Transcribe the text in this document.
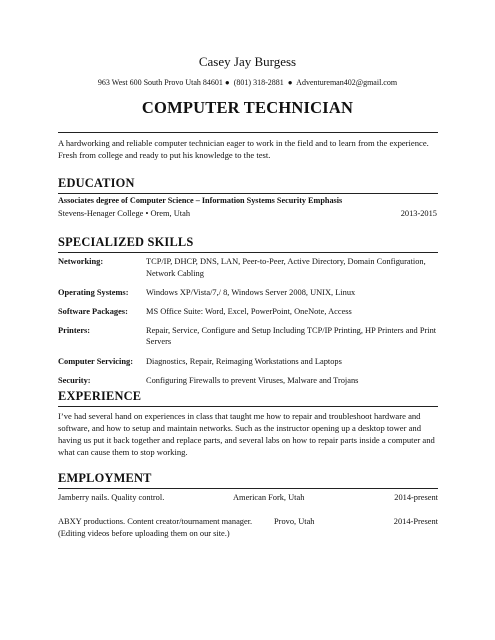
Casey Jay Burgess
963 West 600 South Provo Utah 84601 ● (801) 318-2881 ● Adventureman402@gmail.com
COMPUTER TECHNICIAN
A hardworking and reliable computer technician eager to work in the field and to learn from the experience. Fresh from college and ready to put his knowledge to the test.
EDUCATION
Associates degree of Computer Science – Information Systems Security Emphasis
Stevens-Henager College • Orem, Utah	2013-2015
SPECIALIZED SKILLS
Networking:	TCP/IP, DHCP, DNS, LAN, Peer-to-Peer, Active Directory, Domain Configuration, Network Cabling
Operating Systems:	Windows XP/Vista/7,/ 8, Windows Server 2008, UNIX, Linux
Software Packages:	MS Office Suite: Word, Excel, PowerPoint, OneNote, Access
Printers:	Repair, Service, Configure and Setup Including TCP/IP Printing, HP Printers and Print Servers
Computer Servicing:	Diagnostics, Repair, Reimaging Workstations and Laptops
Security:	Configuring Firewalls to prevent Viruses, Malware and Trojans
EXPERIENCE
I’ve had several hand on experiences in class that taught me how to repair and troubleshoot hardware and software, and how to setup and maintain networks. Such as the instructor opening up a desktop tower and having us put it back together and replace parts, and several labs on how to repair parts inside a computer and what can cause them to stop working.
EMPLOYMENT
Jamberry nails. Quality control.	American Fork, Utah	2014-present
ABXY productions. Content creator/tournament manager.	Provo, Utah	2014-Present
(Editing videos before uploading them on our site.)
